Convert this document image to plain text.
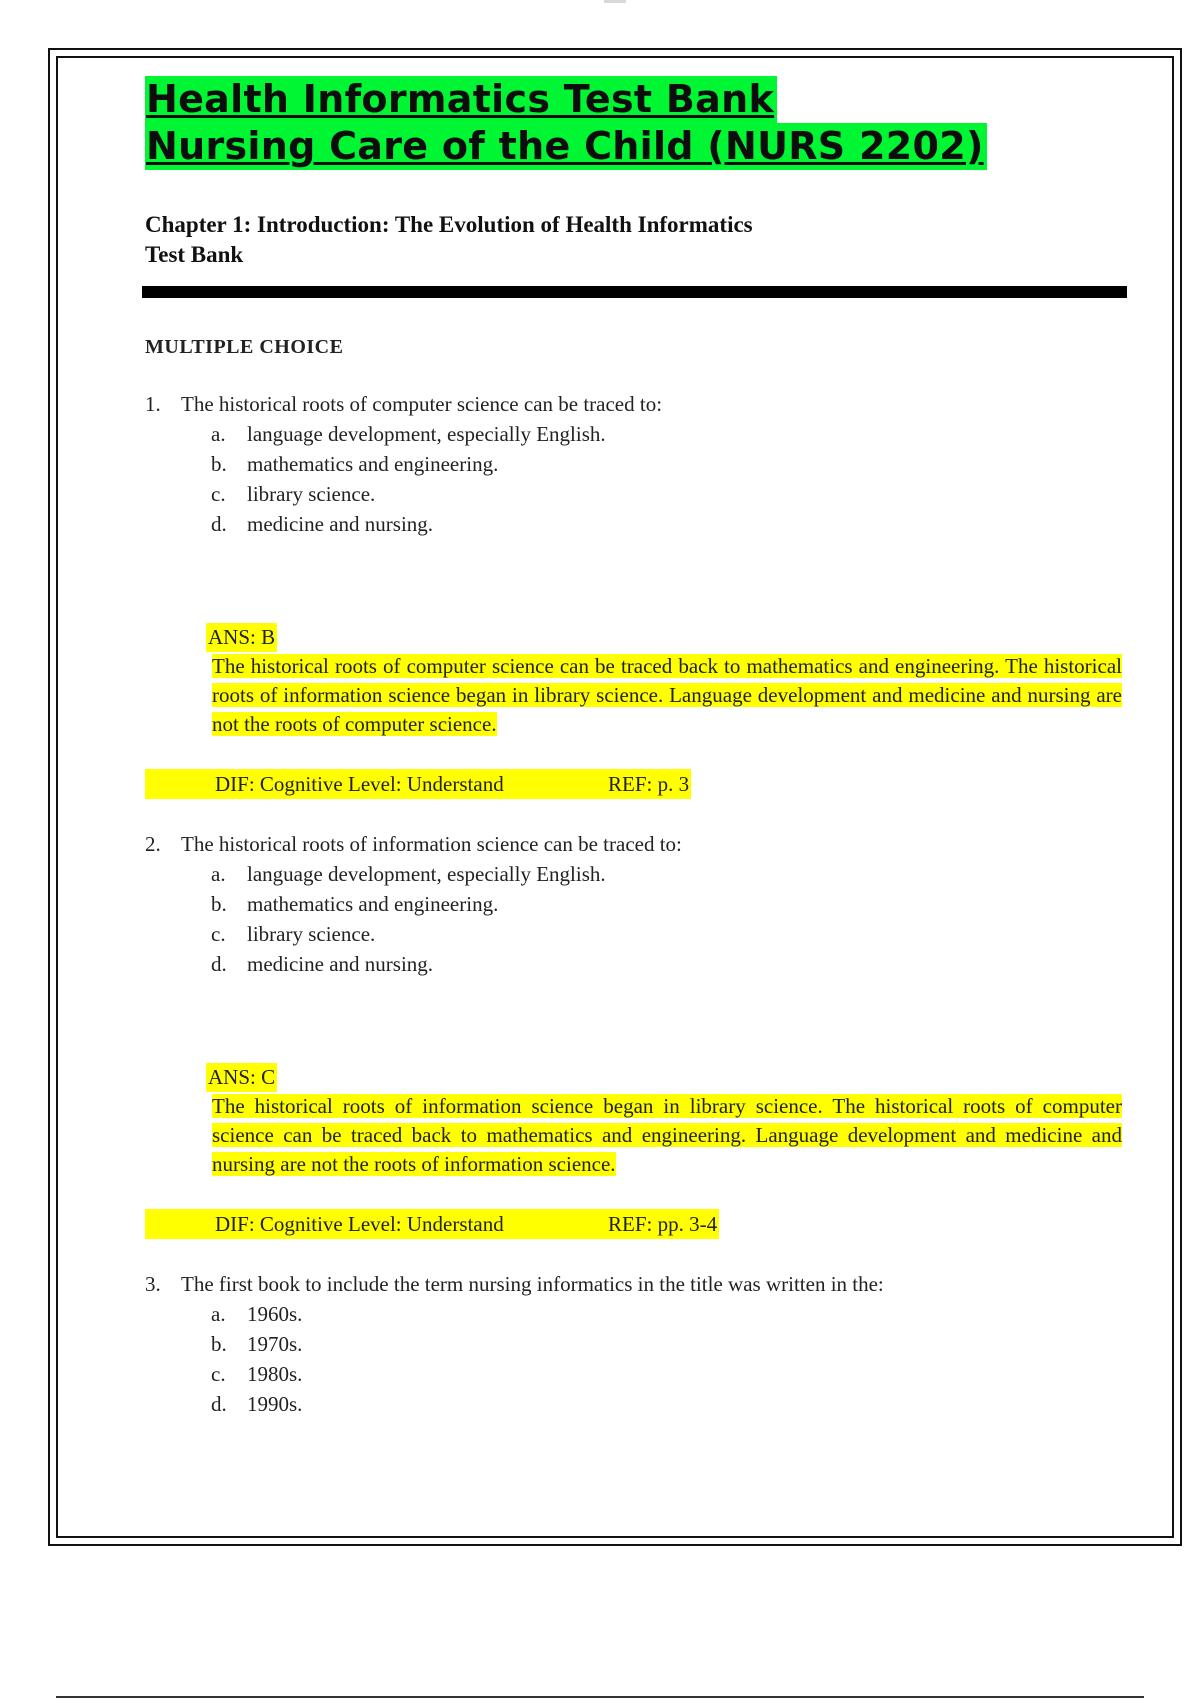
Health Informatics Test Bank
Nursing Care of the Child (NURS 2202)
Chapter 1: Introduction: The Evolution of Health Informatics
Test Bank
MULTIPLE CHOICE
1. The historical roots of computer science can be traced to:
a.	language development, especially English.
b. mathematics and engineering.
c.	library science.
d. medicine and nursing.
ANS: B
The historical roots of computer science can be traced back to mathematics and engineering. The historical roots of information science began in library science. Language development and medicine and nursing are not the roots of computer science.
DIF: Cognitive Level: Understand	REF: p. 3
2. The historical roots of information science can be traced to:
a.	language development, especially English.
b. mathematics and engineering.
c.	library science.
d. medicine and nursing.
ANS: C
The historical roots of information science began in library science. The historical roots of computer science can be traced back to mathematics and engineering. Language development and medicine and nursing are not the roots of information science.
DIF: Cognitive Level: Understand	REF: pp. 3-4
3. The first book to include the term nursing informatics in the title was written in the:
a.	1960s.
b. 1970s.
c.	1980s.
d. 1990s.
